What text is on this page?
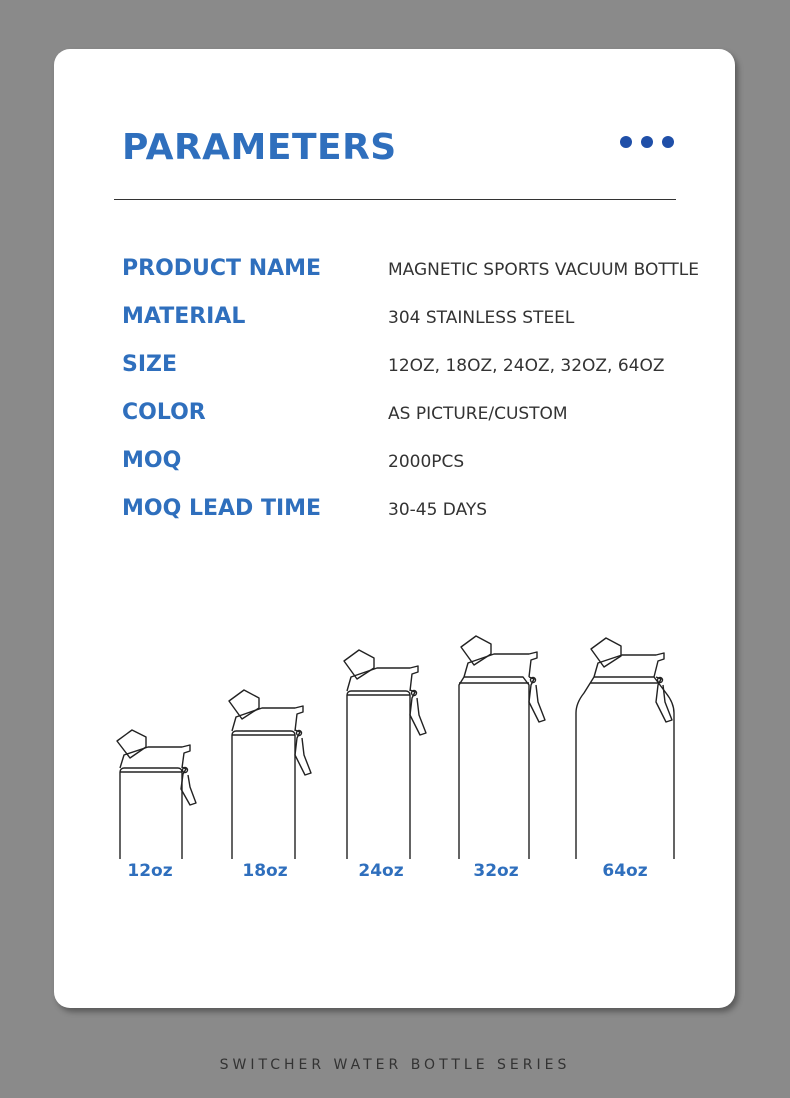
PARAMETERS
PRODUCT NAME	MAGNETIC SPORTS VACUUM BOTTLE
MATERIAL	304 STAINLESS STEEL
SIZE	12OZ, 18OZ, 24OZ, 32OZ, 64OZ
COLOR	AS PICTURE/CUSTOM
MOQ	2000PCS
MOQ LEAD TIME	30-45 DAYS
12oz	18oz	24oz	32oz	64oz
SWITCHER WATER BOTTLE SERIES
